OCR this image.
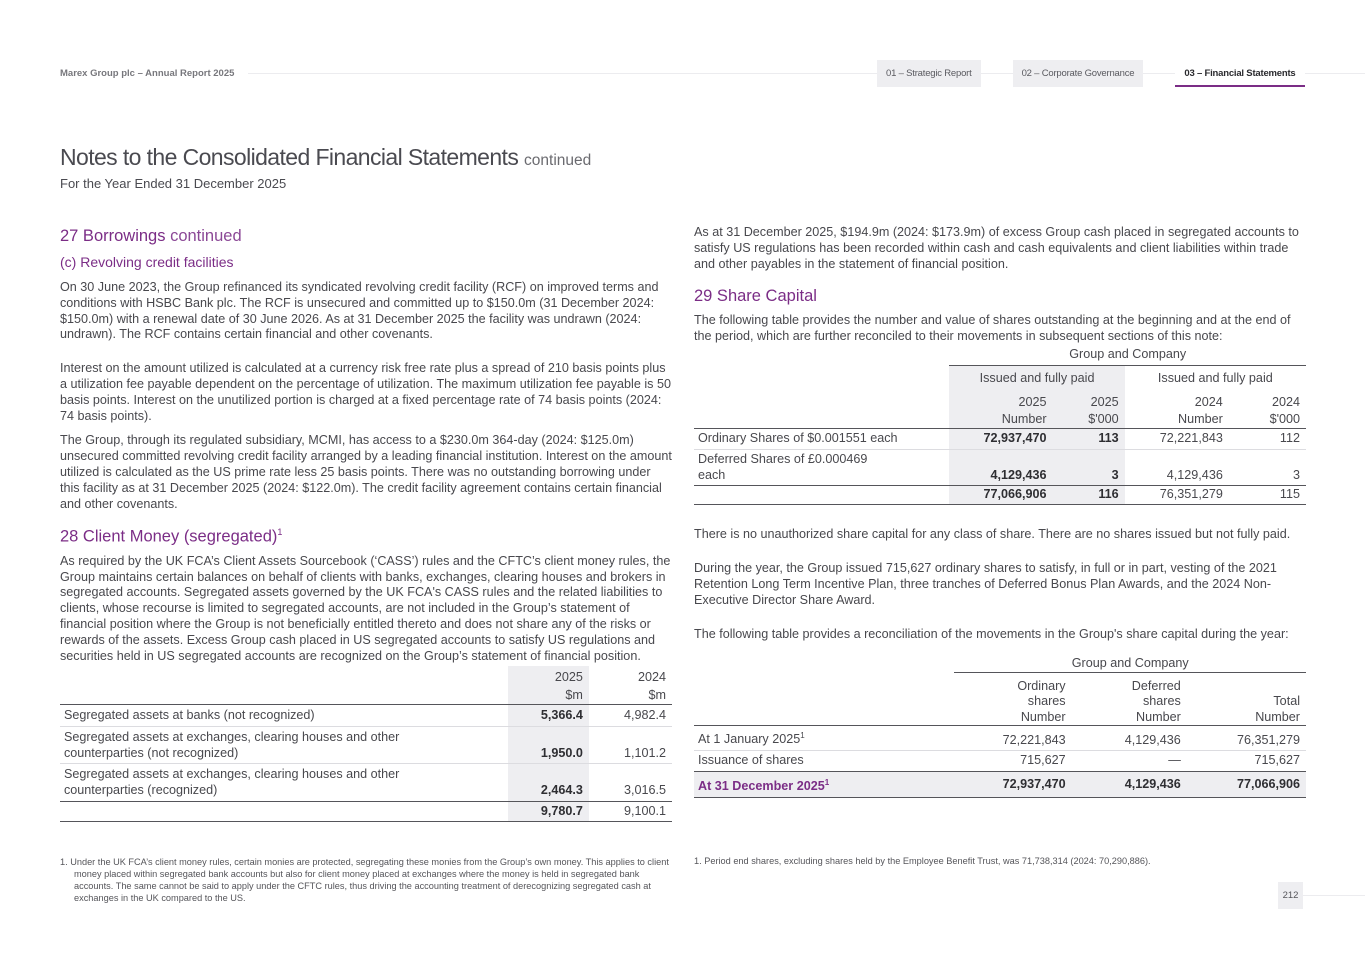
Marex Group plc – Annual Report 2025	01 – Strategic Report	02 – Corporate Governance	03 – Financial Statements
Notes to the Consolidated Financial Statements continued
For the Year Ended 31 December 2025
27 Borrowings continued
(c) Revolving credit facilities

On 30 June 2023, the Group refinanced its syndicated revolving credit facility (RCF) on improved terms and conditions with HSBC Bank plc. The RCF is unsecured and committed up to $150.0m (31 December 2024: $150.0m) with a renewal date of 30 June 2026. As at 31 December 2025 the facility was undrawn (2024: undrawn). The RCF contains certain financial and other covenants.

Interest on the amount utilized is calculated at a currency risk free rate plus a spread of 210 basis points plus a utilization fee payable dependent on the percentage of utilization. The maximum utilization fee payable is 50 basis points. Interest on the unutilized portion is charged at a fixed percentage rate of 74 basis points (2024: 74 basis points).

The Group, through its regulated subsidiary, MCMI, has access to a $230.0m 364-day (2024: $125.0m) unsecured committed revolving credit facility arranged by a leading financial institution. Interest on the amount utilized is calculated as the US prime rate less 25 basis points. There was no outstanding borrowing under this facility as at 31 December 2025 (2024: $122.0m). The credit facility agreement contains certain financial and other covenants.

28 Client Money (segregated)$^1$

As required by the UK FCA’s Client Assets Sourcebook (‘CASS’) rules and the CFTC’s client money rules, the Group maintains certain balances on behalf of clients with banks, exchanges, clearing houses and brokers in segregated accounts. Segregated assets governed by the UK FCA's CASS rules and the related liabilities to clients, whose recourse is limited to segregated accounts, are not included in the Group’s statement of financial position where the Group is not beneficially entitled thereto and does not share any of the risks or rewards of the assets. Excess Group cash placed in US segregated accounts to satisfy US regulations and securities held in US segregated accounts are recognized on the Group’s statement of financial position.

	2025	2024
	$m	$m
Segregated assets at banks (not recognized)	5,366.4	4,982.4
Segregated assets at exchanges, clearing houses and other counterparties (not recognized)	1,950.0	1,101.2
Segregated assets at exchanges, clearing houses and other counterparties (recognized)	2,464.3	3,016.5
	9,780.7	9,100.1
1. Under the UK FCA’s client money rules, certain monies are protected, segregating these monies from the Group’s own money. This applies to client money placed within segregated bank accounts but also for client money placed at exchanges where the money is held in segregated bank accounts. The same cannot be said to apply under the CFTC rules, thus driving the accounting treatment of derecognizing segregated cash at exchanges in the UK compared to the US.

As at 31 December 2025, $194.9m (2024: $173.9m) of excess Group cash placed in segregated accounts to satisfy US regulations has been recorded within cash and cash equivalents and client liabilities within trade and other payables in the statement of financial position.

29 Share Capital

The following table provides the number and value of shares outstanding at the beginning and at the end of the period, which are further reconciled to their movements in subsequent sections of this note:

	Group and Company
	Issued and fully paid		Issued and fully paid	
	2025	2025	2024	2024
	Number	$'000	Number	$'000
Ordinary Shares of $0.001551 each	72,937,470	113	72,221,843	112
Deferred Shares of £0.000469 each	4,129,436	3	4,129,436	3
	77,066,906	116	76,351,279	115

There is no unauthorized share capital for any class of share. There are no shares issued but not fully paid.

During the year, the Group issued 715,627 ordinary shares to satisfy, in full or in part, vesting of the 2021 Retention Long Term Incentive Plan, three tranches of Deferred Bonus Plan Awards, and the 2024 Non-Executive Director Share Award.

The following table provides a reconciliation of the movements in the Group's share capital during the year:

	Group and Company		
	Ordinary
shares
Number	Deferred
shares
Number	Total
Number
At 1 January 2025$^1$	72,221,843	4,129,436	76,351,279
Issuance of shares	715,627	—	715,627
At 31 December 2025$^1$	72,937,470	4,129,436	77,066,906
1. Period end shares, excluding shares held by the Employee Benefit Trust, was 71,738,314 (2024: 70,290,886).
212
